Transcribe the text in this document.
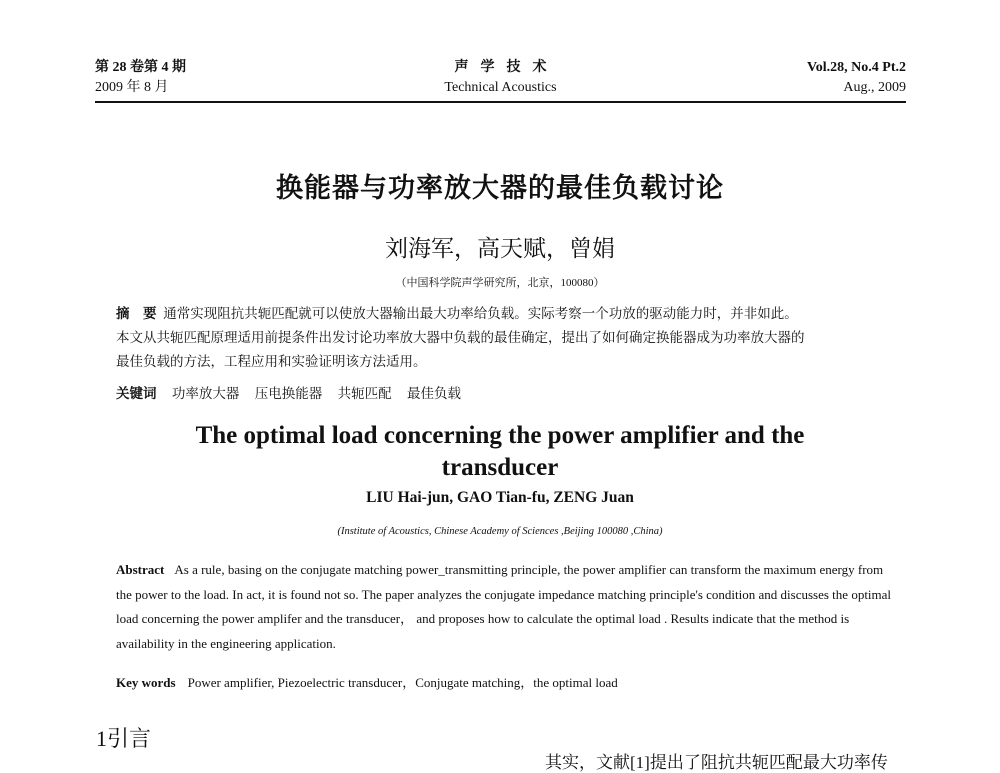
第 28 卷第 4 期
2009 年 8 月
声学技术
Technical Acoustics
Vol.28, No.4 Pt.2
Aug., 2009
换能器与功率放大器的最佳负载讨论
刘海军，高天赋，曾娟
（中国科学院声学研究所，北京，100080）

摘　要 通常实现阻抗共轭匹配就可以使放大器输出最大功率给负载。实际考察一个功放的驱动能力时，并非如此。

本文从共轭匹配原理适用前提条件出发讨论功率放大器中负载的最佳确定，提出了如何确定换能器成为功率放大器的

最佳负载的方法，工程应用和实验证明该方法适用。

关键词 功率放大器 压电换能器 共轭匹配 最佳负载
The optimal load concerning the power amplifier and the
transducer
LIU Hai-jun, GAO Tian-fu, ZENG Juan
(Institute of Acoustics, Chinese Academy of Sciences ,Beijing 100080 ,China)
Abstract As a rule, basing on the conjugate matching power_transmitting principle, the power amplifier can transform the maximum energy from the power to the load. In act, it is found not so. The paper analyzes the conjugate impedance matching principle's condition and discusses the optimal load concerning the power amplifer and the transducer， and proposes how to calculate the optimal load . Results indicate that the method is availability in the engineering application.
Key words Power amplifier, Piezoelectric transducer，Conjugate matching，the optimal load
1引言
其实，文献[1]提出了阻抗共轭匹配最大功率传
